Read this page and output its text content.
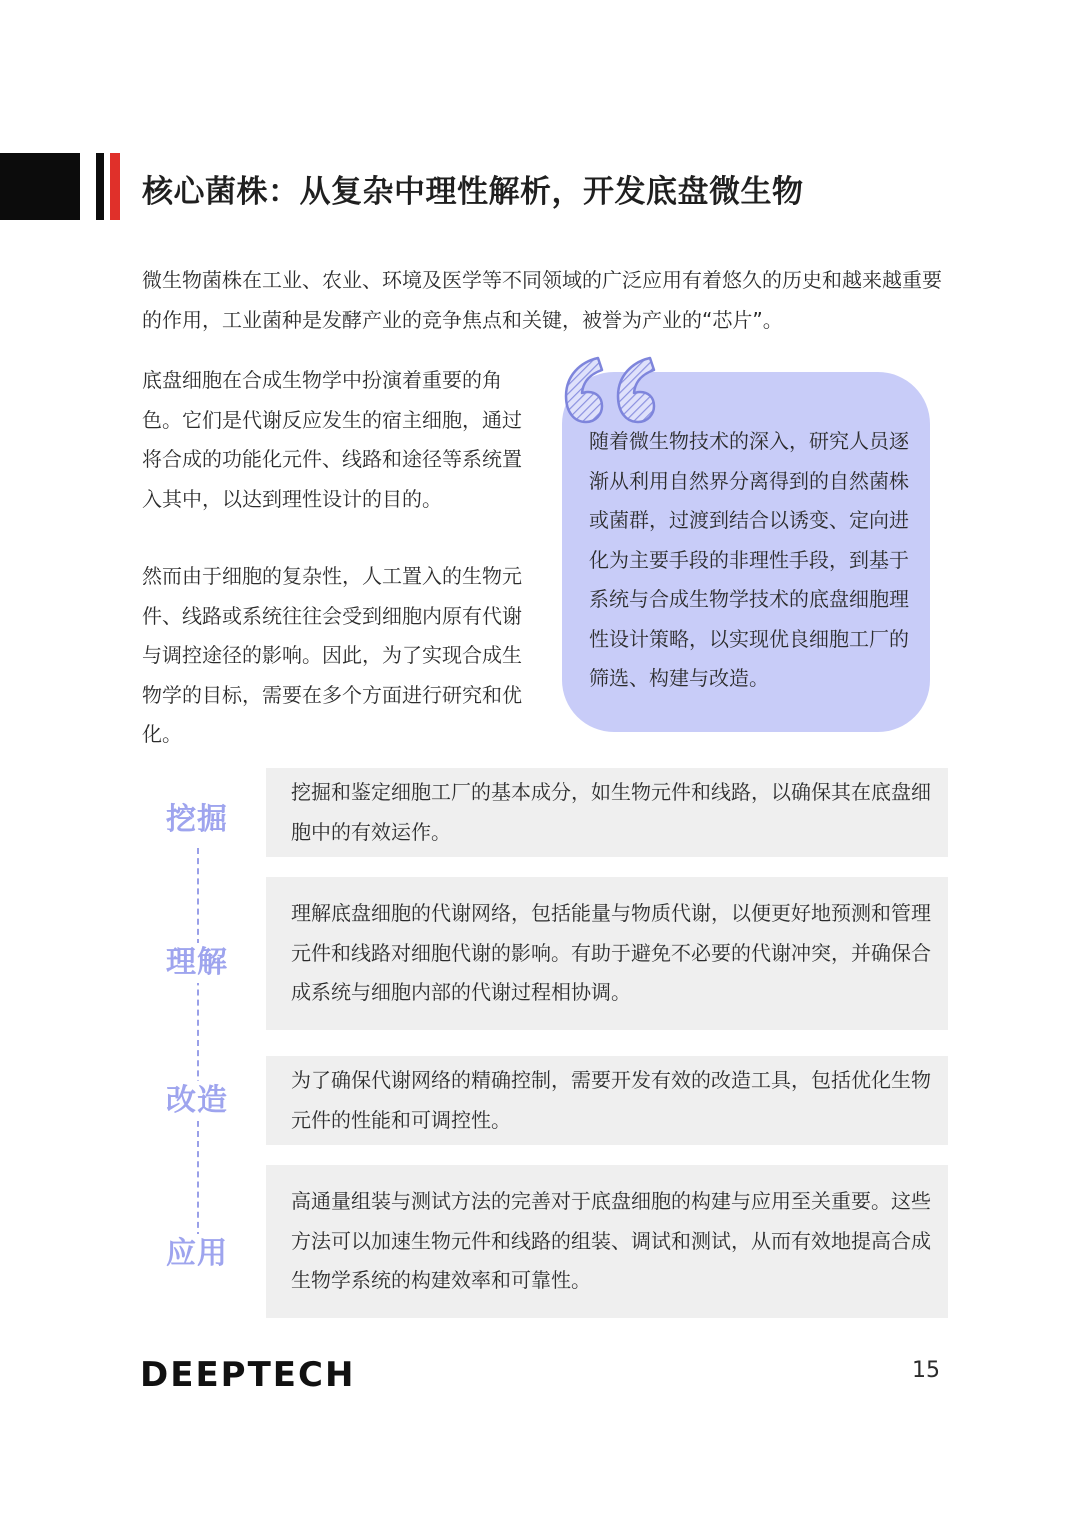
核心菌株：从复杂中理性解析，开发底盘微生物
微生物菌株在工业、农业、环境及医学等不同领域的广泛应用有着悠久的历史和越来越重要的作用，工业菌种是发酵产业的竞争焦点和关键，被誉为产业的“芯片”。
底盘细胞在合成生物学中扮演着重要的角色。它们是代谢反应发生的宿主细胞，通过将合成的功能化元件、线路和途径等系统置入其中，以达到理性设计的目的。
然而由于细胞的复杂性，人工置入的生物元件、线路或系统往往会受到细胞内原有代谢与调控途径的影响。因此，为了实现合成生物学的目标，需要在多个方面进行研究和优化。
随着微生物技术的深入，研究人员逐渐从利用自然界分离得到的自然菌株或菌群，过渡到结合以诱变、定向进化为主要手段的非理性手段，到基于系统与合成生物学技术的底盘细胞理性设计策略，以实现优良细胞工厂的筛选、构建与改造。
挖掘和鉴定细胞工厂的基本成分，如生物元件和线路，以确保其在底盘细胞中的有效运作。
挖掘
理解底盘细胞的代谢网络，包括能量与物质代谢，以便更好地预测和管理元件和线路对细胞代谢的影响。有助于避免不必要的代谢冲突，并确保合成系统与细胞内部的代谢过程相协调。
理解
为了确保代谢网络的精确控制，需要开发有效的改造工具，包括优化生物元件的性能和可调控性。
改造
高通量组装与测试方法的完善对于底盘细胞的构建与应用至关重要。这些方法可以加速生物元件和线路的组装、调试和测试，从而有效地提高合成生物学系统的构建效率和可靠性。
应用
DEEPTECH	15
